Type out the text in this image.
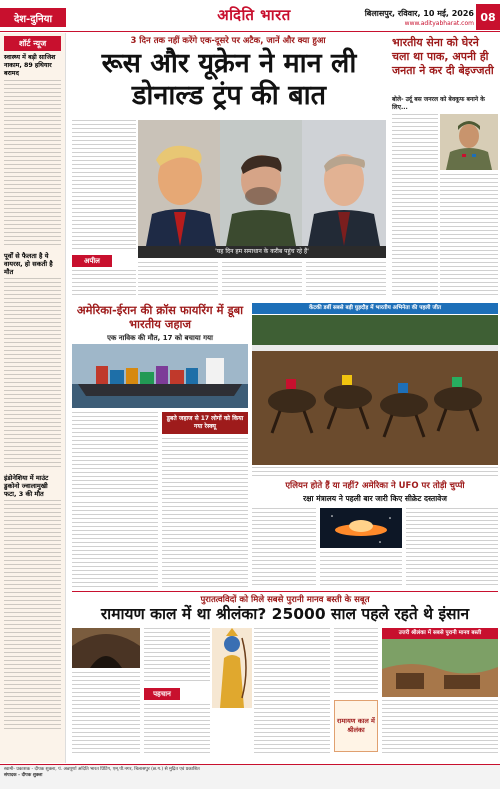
देश-दुनिया	अदिति भारत	बिलासपुर, रविवार, 10 मई, 2026
www.adityabharat.com 08
शॉर्ट न्यूज
स्वास्थ्य में बड़ी साजिश नाकाम, 89 हथियार बरामद
पूर्वों से फैलता है ये वायरस, हो सकती है मौत
इंडोनेशिया में माउंट डुकोनो ज्वालामुखी फटा, 3 की मौत
3 दिन तक नहीं करेंगे एक-दूसरे पर अटैक, जानें और क्या हुआ
रूस और यूक्रेन ने मान ली डोनाल्ड ट्रंप की बात
अपील
'यह दिन हम समाधान के करीब पहुंच रहे हैं'
भारतीय सेना को घेरने चला था पाक, अपनी ही जनता ने कर दी बेइज्जती
बोले- उर्दू बस जनरल को बेवकूफ बनाने के लिए...
अमेरिका-ईरान की क्रॉस फायरिंग में डूबा भारतीय जहाज
एक नाविक की मौत, 17 को बचाया गया
डूबते जहाज से 17 लोगों को किया गया रेस्क्यू
केंटकी डर्बी सबसे बड़ी घुड़दौड़ में भारतीय अभिनेता की पहली जीत
एलियन होते हैं या नहीं? अमेरिका ने UFO पर तोड़ी चुप्पी
रक्षा मंत्रालय ने पहली बार जारी किए सीक्रेट दस्तावेज
पुरातत्वविदों को मिले सबसे पुरानी मानव बस्ती के सबूत
रामायण काल में था श्रीलंका? 25000 साल पहले रहते थे इंसान
पहचान
रामायण काल में श्रीलंका
उत्तरी श्रीलंका में सबसे पुरानी मानव बस्ती
स्वामी- प्रकाशक - दीपक शुक्ला, पं. अन्नपूर्णा अदिति भारत प्रिंटिंग, एम्.पी.नगर, बिलासपुर (छ.ग.) से मुद्रित एवं प्रकाशित
संपादक - दीपक शुक्ला
